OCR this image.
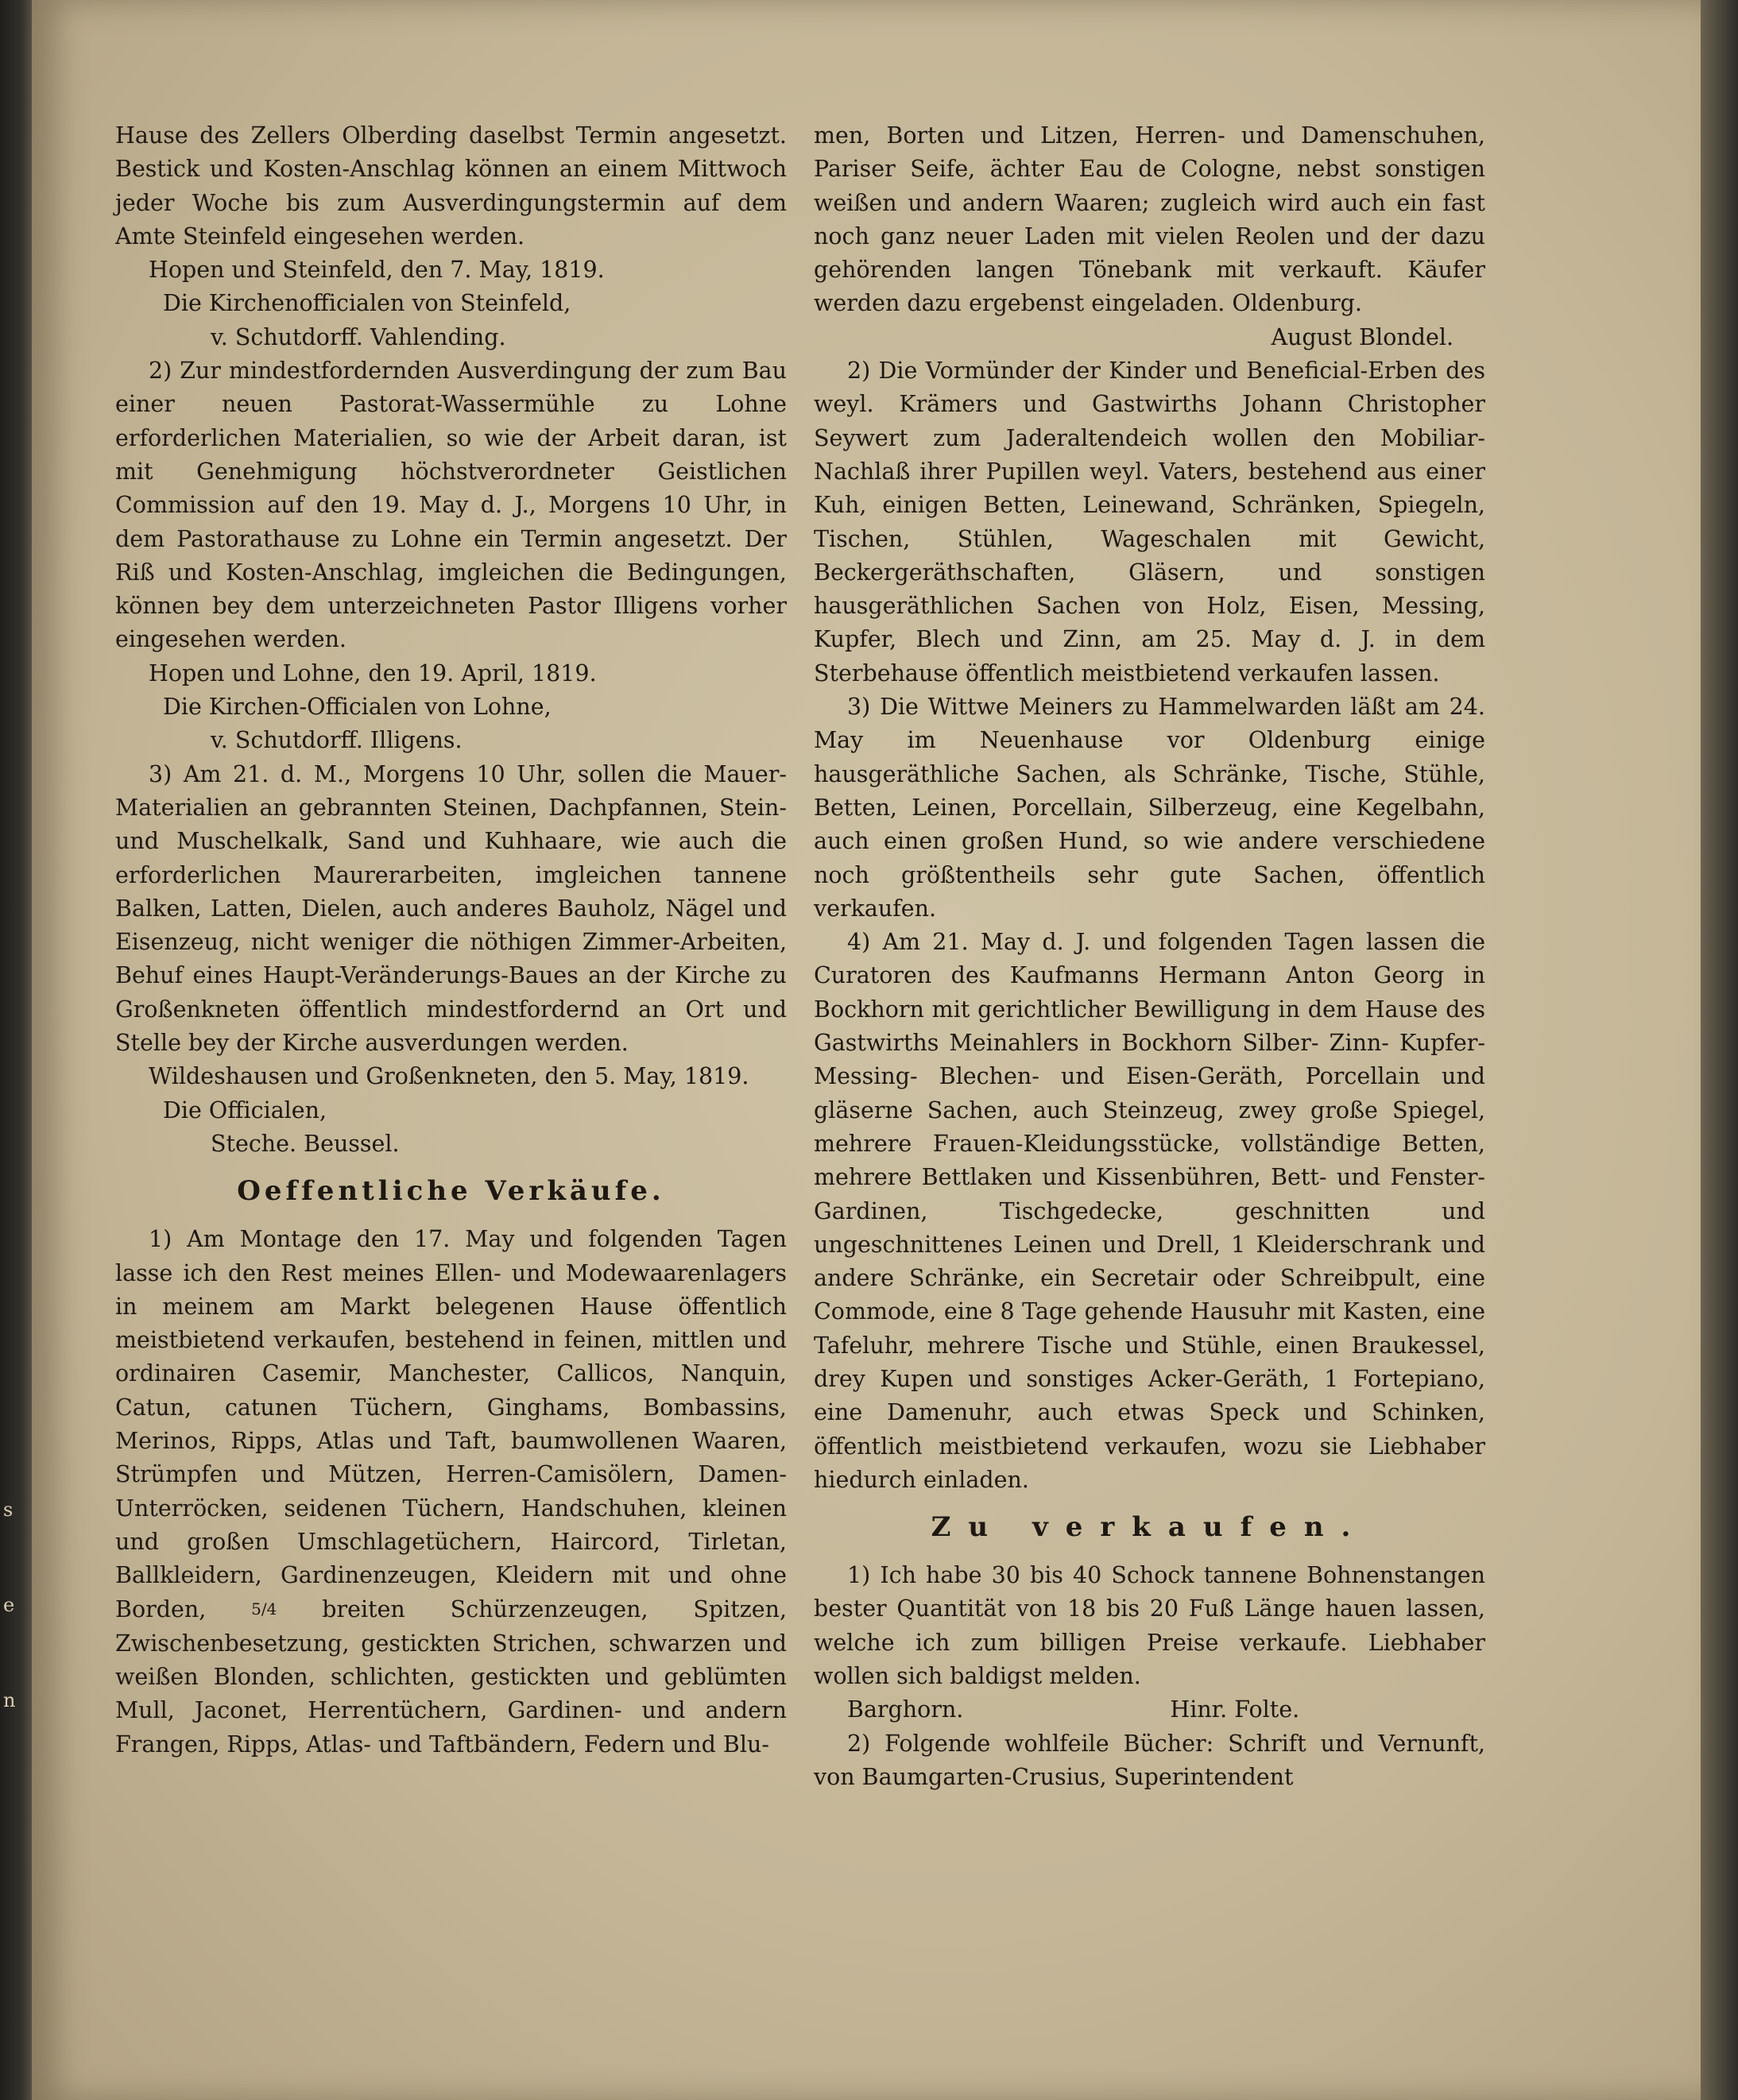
s
e
n

Hause des Zellers Olberding daselbst Termin angesetzt. Bestick und Kosten-Anschlag können an einem Mittwoch jeder Woche bis zum Ausverdingungstermin auf dem Amte Steinfeld eingesehen werden.

Hopen und Steinfeld, den 7. May, 1819.

Die Kirchenofficialen von Steinfeld,

v. Schutdorff. Vahlending.

2) Zur mindestfordernden Ausverdingung der zum Bau einer neuen Pastorat-Wassermühle zu Lohne erforderlichen Materialien, so wie der Arbeit daran, ist mit Genehmigung höchstverordneter Geistlichen Commission auf den 19. May d. J., Morgens 10 Uhr, in dem Pastorathause zu Lohne ein Termin angesetzt. Der Riß und Kosten-Anschlag, imgleichen die Bedingungen, können bey dem unterzeichneten Pastor Illigens vorher eingesehen werden.

Hopen und Lohne, den 19. April, 1819.

Die Kirchen-Officialen von Lohne,

v. Schutdorff. Illigens.

3) Am 21. d. M., Morgens 10 Uhr, sollen die Mauer-Materialien an gebrannten Steinen, Dachpfannen, Stein- und Muschelkalk, Sand und Kuhhaare, wie auch die erforderlichen Maurerarbeiten, imgleichen tannene Balken, Latten, Dielen, auch anderes Bauholz, Nägel und Eisenzeug, nicht weniger die nöthigen Zimmer-Arbeiten, Behuf eines Haupt-Veränderungs-Baues an der Kirche zu Großenkneten öffentlich mindestfordernd an Ort und Stelle bey der Kirche ausverdungen werden.

Wildeshausen und Großenkneten, den 5. May, 1819.

Die Officialen,

Steche. Beussel.

Oeffentliche Verkäufe.

1) Am Montage den 17. May und folgenden Tagen lasse ich den Rest meines Ellen- und Modewaarenlagers in meinem am Markt belegenen Hause öffentlich meistbietend verkaufen, bestehend in feinen, mittlen und ordinairen Casemir, Manchester, Callicos, Nanquin, Catun, catunen Tüchern, Ginghams, Bombassins, Merinos, Ripps, Atlas und Taft, baumwollenen Waaren, Strümpfen und Mützen, Herren-Camisölern, Damen-Unterröcken, seidenen Tüchern, Handschuhen, kleinen und großen Umschlagetüchern, Haircord, Tirletan, Ballkleidern, Gardinenzeugen, Kleidern mit und ohne Borden,	5/4 breiten Schürzenzeugen, Spitzen, Zwischenbesetzung, gestickten Strichen, schwarzen und weißen Blonden, schlichten, gestickten und geblümten Mull, Jaconet, Herrentüchern, Gardinen- und andern Frangen, Ripps, Atlas- und Taftbändern, Federn und Blu-

men, Borten und Litzen, Herren- und Damenschuhen, Pariser Seife, ächter Eau de Cologne, nebst sonstigen weißen und andern Waaren; zugleich wird auch ein fast noch ganz neuer Laden mit vielen Reolen und der dazu gehörenden langen Tönebank mit verkauft. Käufer werden dazu ergebenst eingeladen. Oldenburg.

August Blondel.

2) Die Vormünder der Kinder und Beneficial-Erben des weyl. Krämers und Gastwirths Johann Christopher Seywert zum Jaderaltendeich wollen den Mobiliar-Nachlaß ihrer Pupillen weyl. Vaters, bestehend aus einer Kuh, einigen Betten, Leinewand, Schränken, Spiegeln, Tischen, Stühlen, Wageschalen mit Gewicht, Beckergeräthschaften, Gläsern, und sonstigen hausgeräthlichen Sachen von Holz, Eisen, Messing, Kupfer, Blech und Zinn, am 25. May d. J. in dem Sterbehause öffentlich meistbietend verkaufen lassen.

3) Die Wittwe Meiners zu Hammelwarden läßt am 24. May im Neuenhause vor Oldenburg einige hausgeräthliche Sachen, als Schränke, Tische, Stühle, Betten, Leinen, Porcellain, Silberzeug, eine Kegelbahn, auch einen großen Hund, so wie andere verschiedene noch größtentheils sehr gute Sachen, öffentlich verkaufen.

4) Am 21. May d. J. und folgenden Tagen lassen die Curatoren des Kaufmanns Hermann Anton Georg in Bockhorn mit gerichtlicher Bewilligung in dem Hause des Gastwirths Meinahlers in Bockhorn Silber- Zinn- Kupfer- Messing- Blechen- und Eisen-Geräth, Porcellain und gläserne Sachen, auch Steinzeug, zwey große Spiegel, mehrere Frauen-Kleidungsstücke, vollständige Betten, mehrere Bettlaken und Kissenbühren, Bett- und Fenster-Gardinen, Tischgedecke, geschnitten und ungeschnittenes Leinen und Drell, 1 Kleiderschrank und andere Schränke, ein Secretair oder Schreibpult, eine Commode, eine 8 Tage gehende Hausuhr mit Kasten, eine Tafeluhr, mehrere Tische und Stühle, einen Braukessel, drey Kupen und sonstiges Acker-Geräth, 1 Fortepiano, eine Damenuhr, auch etwas Speck und Schinken, öffentlich meistbietend verkaufen, wozu sie Liebhaber hiedurch einladen.

Zu verkaufen.

1) Ich habe 30 bis 40 Schock tannene Bohnenstangen bester Quantität von 18 bis 20 Fuß Länge hauen lassen, welche ich zum billigen Preise verkaufe. Liebhaber wollen sich baldigst melden.

Barghorn.	Hinr. Folte.

2) Folgende wohlfeile Bücher: Schrift und Vernunft, von Baumgarten-Crusius, Superintendent
